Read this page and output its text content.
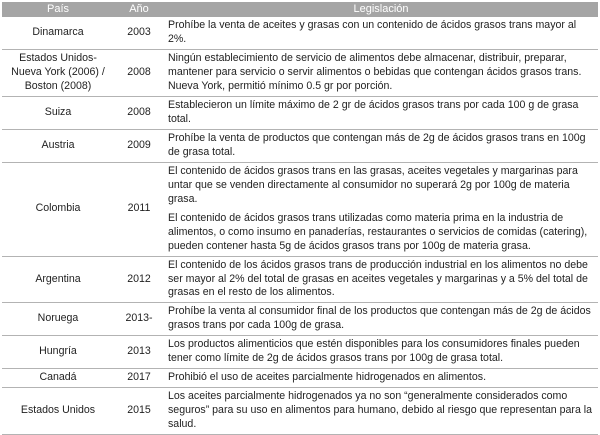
País	Año	Legislación
Dinamarca	2003	Prohíbe la venta de aceites y grasas con un contenido de ácidos grasos trans mayor al 2%.

Estados Unidos-Nueva York (2006) / Boston (2008)	2008	Ningún establecimiento de servicio de alimentos debe almacenar, distribuir, preparar, mantener para servicio o servir alimentos o bebidas que contengan ácidos grasos trans. Nueva York, permitió mínimo 0.5 gr por porción.

Suiza	2008	Establecieron un límite máximo de 2 gr de ácidos grasos trans por cada 100 g de grasa total.

Austria	2009	Prohíbe la venta de productos que contengan más de 2g de ácidos grasos trans en 100g de grasa total.

Colombia	2011	El contenido de ácidos grasos trans en las grasas, aceites vegetales y margarinas para untar que se venden directamente al consumidor no superará 2g por 100g de materia grasa.

El contenido de ácidos grasos trans utilizadas como materia prima en la industria de alimentos, o como insumo en panaderías, restaurantes o servicios de comidas (catering), pueden contener hasta 5g de ácidos grasos trans por 100g de materia grasa.

Argentina	2012	El contenido de los ácidos grasos trans de producción industrial en los alimentos no debe ser mayor al 2% del total de grasas en aceites vegetales y margarinas y a 5% del total de grasas en el resto de los alimentos.

Noruega	2013-	Prohíbe la venta al consumidor final de los productos que contengan más de 2g de ácidos grasos trans por cada 100g de grasa.

Hungría	2013	Los productos alimenticios que estén disponibles para los consumidores finales pueden tener como límite de 2g de ácidos grasos trans por 100g de grasa total.

Canadá	2017	Prohibió el uso de aceites parcialmente hidrogenados en alimentos.

Estados Unidos	2015	Los aceites parcialmente hidrogenados ya no son “generalmente considerados como seguros” para su uso en alimentos para humano, debido al riesgo que representan para la salud.
